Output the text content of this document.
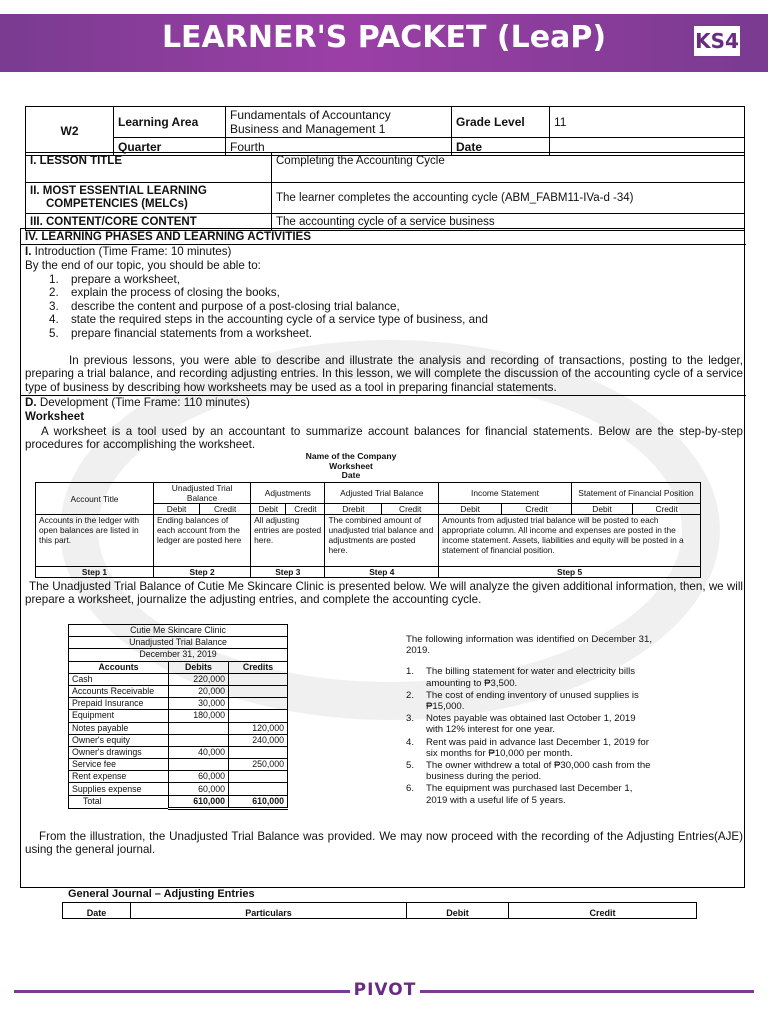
LEARNER'S PACKET (LeaP)	KS4
W2	Learning Area	Fundamentals of Accountancy
Business and Management 1	Grade Level	11
	Quarter	Fourth	Date	
I. LESSON TITLE	Completing the Accounting Cycle
II. MOST ESSENTIAL LEARNING
COMPETENCIES (MELCs)	The learner completes the accounting cycle (ABM_FABM11-IVa-d -34)
III. CONTENT/CORE CONTENT	The accounting cycle of a service business
IV. LEARNING PHASES AND LEARNING ACTIVITIES
I. Introduction (Time Frame: 10 minutes)
By the end of our topic, you should be able to:
1. prepare a worksheet,
2. explain the process of closing the books,
3. describe the content and purpose of a post-closing trial balance,
4. state the required steps in the accounting cycle of a service type of business, and
5. prepare financial statements from a worksheet.
In previous lessons, you were able to describe and illustrate the analysis and recording of transactions, posting to the ledger, preparing a trial balance, and recording adjusting entries. In this lesson, we will complete the discussion of the accounting cycle of a service type of business by describing how worksheets may be used as a tool in preparing financial statements.
D. Development (Time Frame: 110 minutes)
Worksheet
A worksheet is a tool used by an accountant to summarize account balances for financial statements. Below are the step-by-step procedures for accomplishing the worksheet.
Name of the Company
Worksheet
Date
The Unadjusted Trial Balance of Cutie Me Skincare Clinic is presented below. We will analyze the given additional information, then, we will prepare a worksheet, journalize the adjusting entries, and complete the accounting cycle.
From the illustration, the Unadjusted Trial Balance was provided. We may now proceed with the recording of the Adjusting Entries(AJE) using the general journal.
General Journal – Adjusting Entries
Account Title	Unadjusted Trial Balance		Adjustments		Adjusted Trial Balance		Income Statement		Statement of Financial Position	
	Debit	Credit	Debit	Credit	Drebit	Credit	Debit	Credit	Debit	Credit
Accounts in the ledger with open balances are listed in this part.	Ending balances of each account from the ledger are posted here		All adjusting entries are posted here.		The combined amount of unadjusted trial balance and adjustments are posted here.		Amounts from adjusted trial balance will be posted to each appropriate column. All income and expenses are posted in the income statement. Assets, liabilities and equity will be posted in a statement of financial position.			
Step 1	Step 2		Step 3		Step 4		Step 5			
Cutie Me Skincare Clinic		
Unadjusted Trial Balance		
December 31, 2019		
Accounts	Debits	Credits
Cash	220,000	
Accounts Receivable	20,000	
Prepaid Insurance	30,000	
Equipment	180,000	
Notes payable		120,000
Owner's equity		240,000
Owner's drawings	40,000	
Service fee		250,000
Rent expense	60,000	
Supplies expense	60,000	
Total	610,000	610,000
The following information was identified on December 31, 2019.
1.	The billing statement for water and electricity bills amounting to ₱3,500.
2.	The cost of ending inventory of unused supplies is ₱15,000.
3.	Notes payable was obtained last October 1, 2019 with 12% interest for one year.
4.	Rent was paid in advance last December 1, 2019 for six months for ₱10,000 per month.
5.	The owner withdrew a total of ₱30,000 cash from the business during the period.
6.	The equipment was purchased last December 1, 2019 with a useful life of 5 years.
Date	Particulars	Debit	Credit
PIVOT
